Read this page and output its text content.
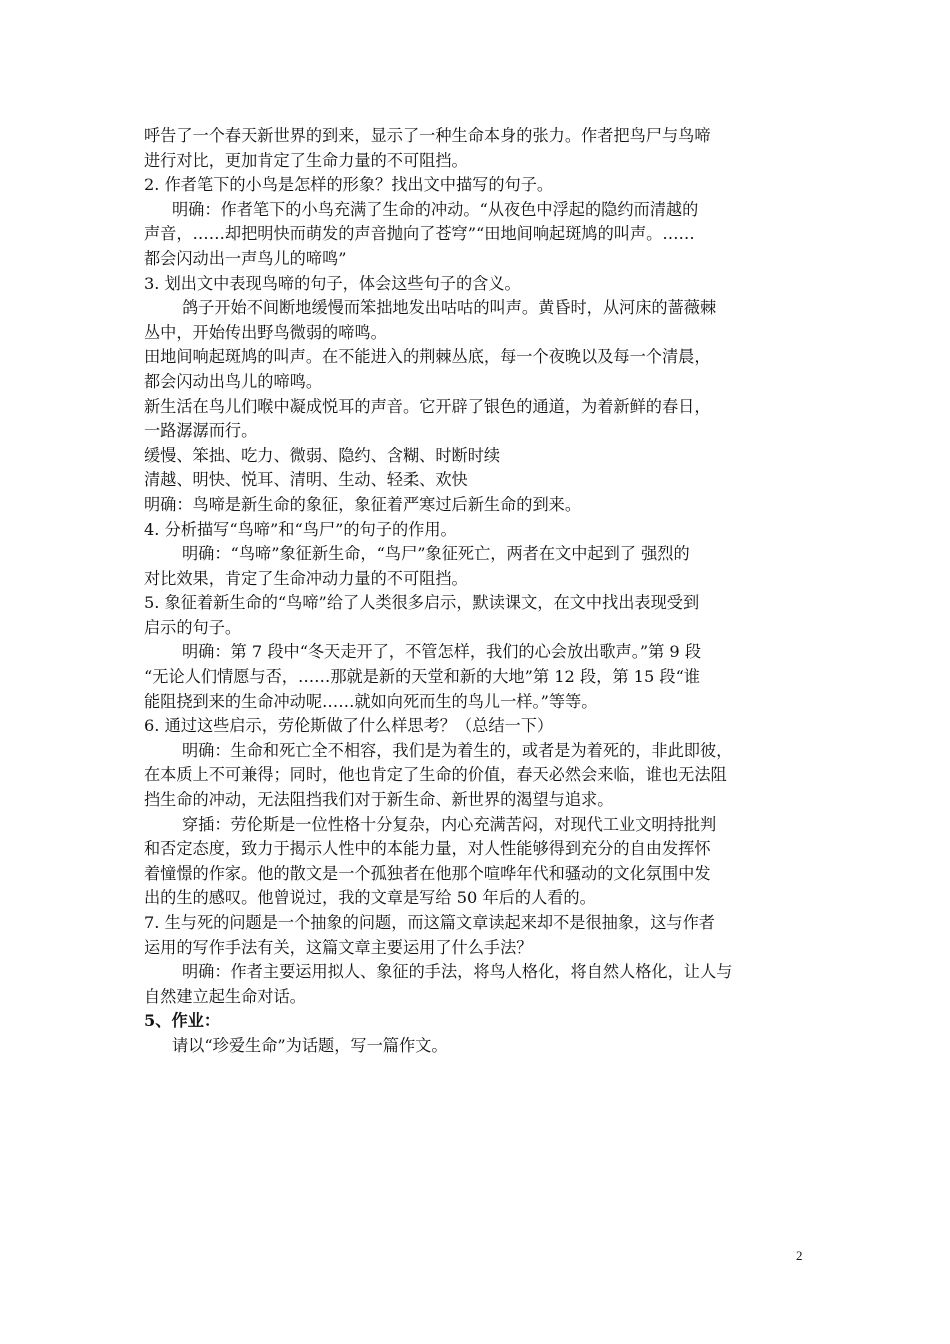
呼告了一个春天新世界的到来，显示了一种生命本身的张力。作者把鸟尸与鸟啼
进行对比，更加肯定了生命力量的不可阻挡。
2. 作者笔下的小鸟是怎样的形象？找出文中描写的句子。
明确：作者笔下的小鸟充满了生命的冲动。“从夜色中浮起的隐约而清越的
声音，……却把明快而萌发的声音抛向了苍穹”“田地间响起斑鸠的叫声。……
都会闪动出一声鸟儿的啼鸣”
3. 划出文中表现鸟啼的句子，体会这些句子的含义。
鸽子开始不间断地缓慢而笨拙地发出咕咕的叫声。黄昏时，从河床的蔷薇棘
丛中，开始传出野鸟微弱的啼鸣。
田地间响起斑鸠的叫声。在不能进入的荆棘丛底，每一个夜晚以及每一个清晨，
都会闪动出鸟儿的啼鸣。
新生活在鸟儿们喉中凝成悦耳的声音。它开辟了银色的通道，为着新鲜的春日，
一路潺潺而行。
缓慢、笨拙、吃力、微弱、隐约、含糊、时断时续
清越、明快、悦耳、清明、生动、轻柔、欢快
明确：鸟啼是新生命的象征，象征着严寒过后新生命的到来。
4. 分析描写“鸟啼”和“鸟尸”的句子的作用。
明确：“鸟啼”象征新生命，“鸟尸”象征死亡，两者在文中起到了 强烈的
对比效果，肯定了生命冲动力量的不可阻挡。
5. 象征着新生命的“鸟啼”给了人类很多启示，默读课文，在文中找出表现受到
启示的句子。
明确：第 7 段中“冬天走开了，不管怎样，我们的心会放出歌声。”第 9 段
“无论人们情愿与否，……那就是新的天堂和新的大地”第 12 段，第 15 段“谁
能阻挠到来的生命冲动呢……就如向死而生的鸟儿一样。”等等。
6. 通过这些启示，劳伦斯做了什么样思考？（总结一下）
明确：生命和死亡全不相容，我们是为着生的，或者是为着死的，非此即彼，
在本质上不可兼得；同时，他也肯定了生命的价值，春天必然会来临，谁也无法阻
挡生命的冲动，无法阻挡我们对于新生命、新世界的渴望与追求。
穿插：劳伦斯是一位性格十分复杂，内心充满苦闷，对现代工业文明持批判
和否定态度，致力于揭示人性中的本能力量，对人性能够得到充分的自由发挥怀
着憧憬的作家。他的散文是一个孤独者在他那个喧哗年代和骚动的文化氛围中发
出的生的感叹。他曾说过，我的文章是写给 50 年后的人看的。
7. 生与死的问题是一个抽象的问题，而这篇文章读起来却不是很抽象，这与作者
运用的写作手法有关，这篇文章主要运用了什么手法？
明确：作者主要运用拟人、象征的手法，将鸟人格化，将自然人格化，让人与
自然建立起生命对话。
5、作业：
请以“珍爱生命”为话题，写一篇作文。
2
